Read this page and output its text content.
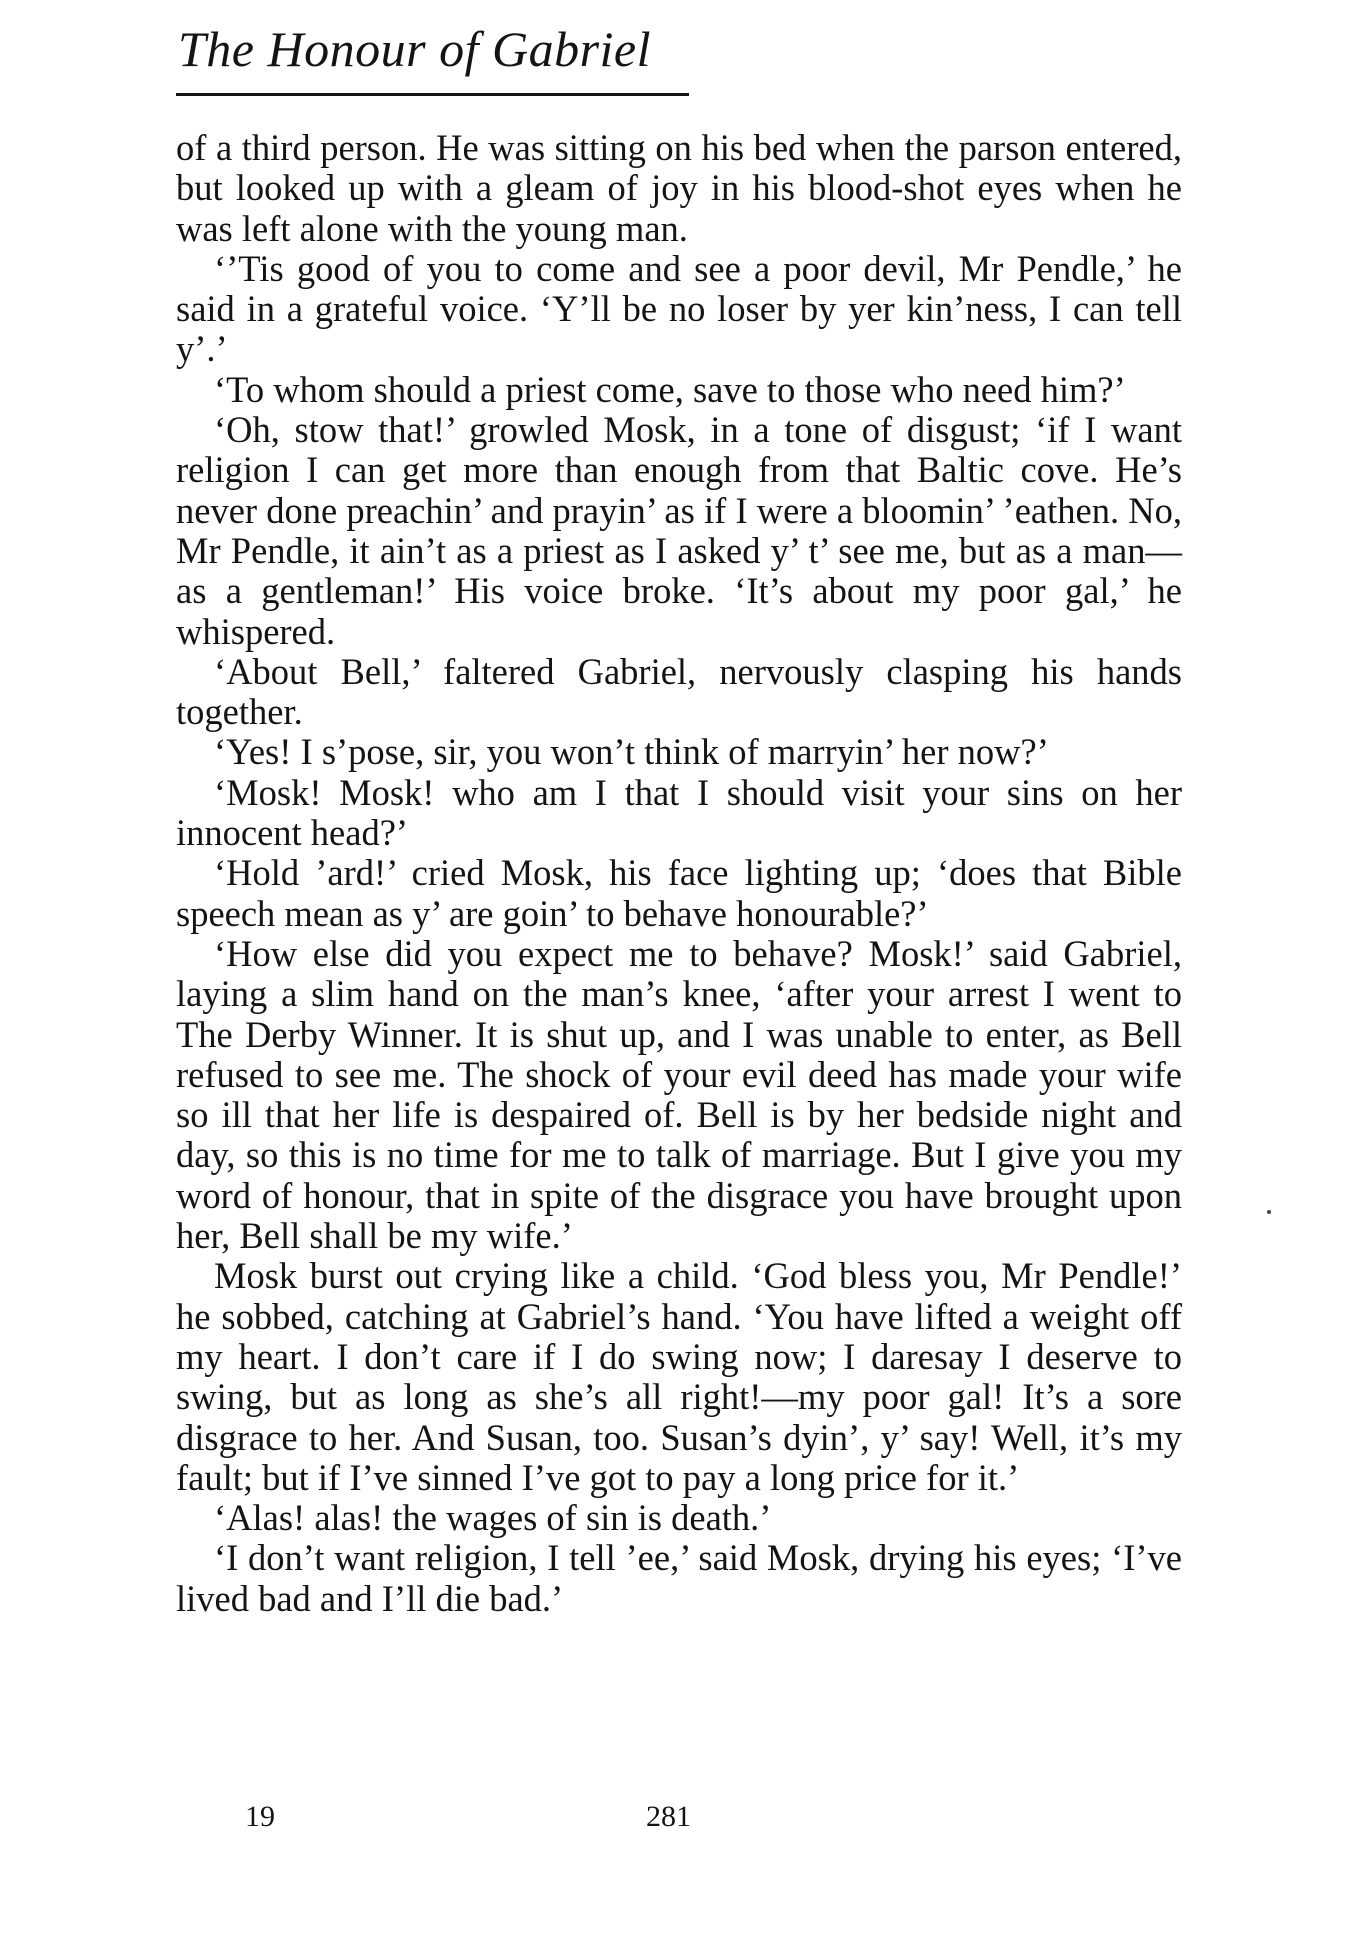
The Honour of Gabriel

of a third person. He was sitting on his bed when the parson entered, but looked up with a gleam of joy in his blood-shot eyes when he was left alone with the young man.

‘’Tis good of you to come and see a poor devil, Mr Pendle,’ he said in a grateful voice. ‘Y’ll be no loser by yer kin’ness, I can tell y’.’

‘To whom should a priest come, save to those who need him?’

‘Oh, stow that!’ growled Mosk, in a tone of disgust; ‘if I want religion I can get more than enough from that Baltic cove. He’s never done preachin’ and prayin’ as if I were a bloomin’ ’eathen. No, Mr Pendle, it ain’t as a priest as I asked y’ t’ see me, but as a man—as a gentleman!’ His voice broke. ‘It’s about my poor gal,’ he whispered.

‘About Bell,’ faltered Gabriel, nervously clasping his hands together.

‘Yes! I s’pose, sir, you won’t think of marryin’ her now?’

‘Mosk! Mosk! who am I that I should visit your sins on her innocent head?’

‘Hold ’ard!’ cried Mosk, his face lighting up; ‘does that Bible speech mean as y’ are goin’ to behave honourable?’

‘How else did you expect me to behave? Mosk!’ said Gabriel, laying a slim hand on the man’s knee, ‘after your arrest I went to The Derby Winner. It is shut up, and I was unable to enter, as Bell refused to see me. The shock of your evil deed has made your wife so ill that her life is despaired of. Bell is by her bedside night and day, so this is no time for me to talk of marriage. But I give you my word of honour, that in spite of the disgrace you have brought upon her, Bell shall be my wife.’

Mosk burst out crying like a child. ‘God bless you, Mr Pendle!’ he sobbed, catching at Gabriel’s hand. ‘You have lifted a weight off my heart. I don’t care if I do swing now; I daresay I deserve to swing, but as long as she’s all right!—my poor gal! It’s a sore disgrace to her. And Susan, too. Susan’s dyin’, y’ say! Well, it’s my fault; but if I’ve sinned I’ve got to pay a long price for it.’

‘Alas! alas! the wages of sin is death.’

‘I don’t want religion, I tell ’ee,’ said Mosk, drying his eyes; ‘I’ve lived bad and I’ll die bad.’

19	281
